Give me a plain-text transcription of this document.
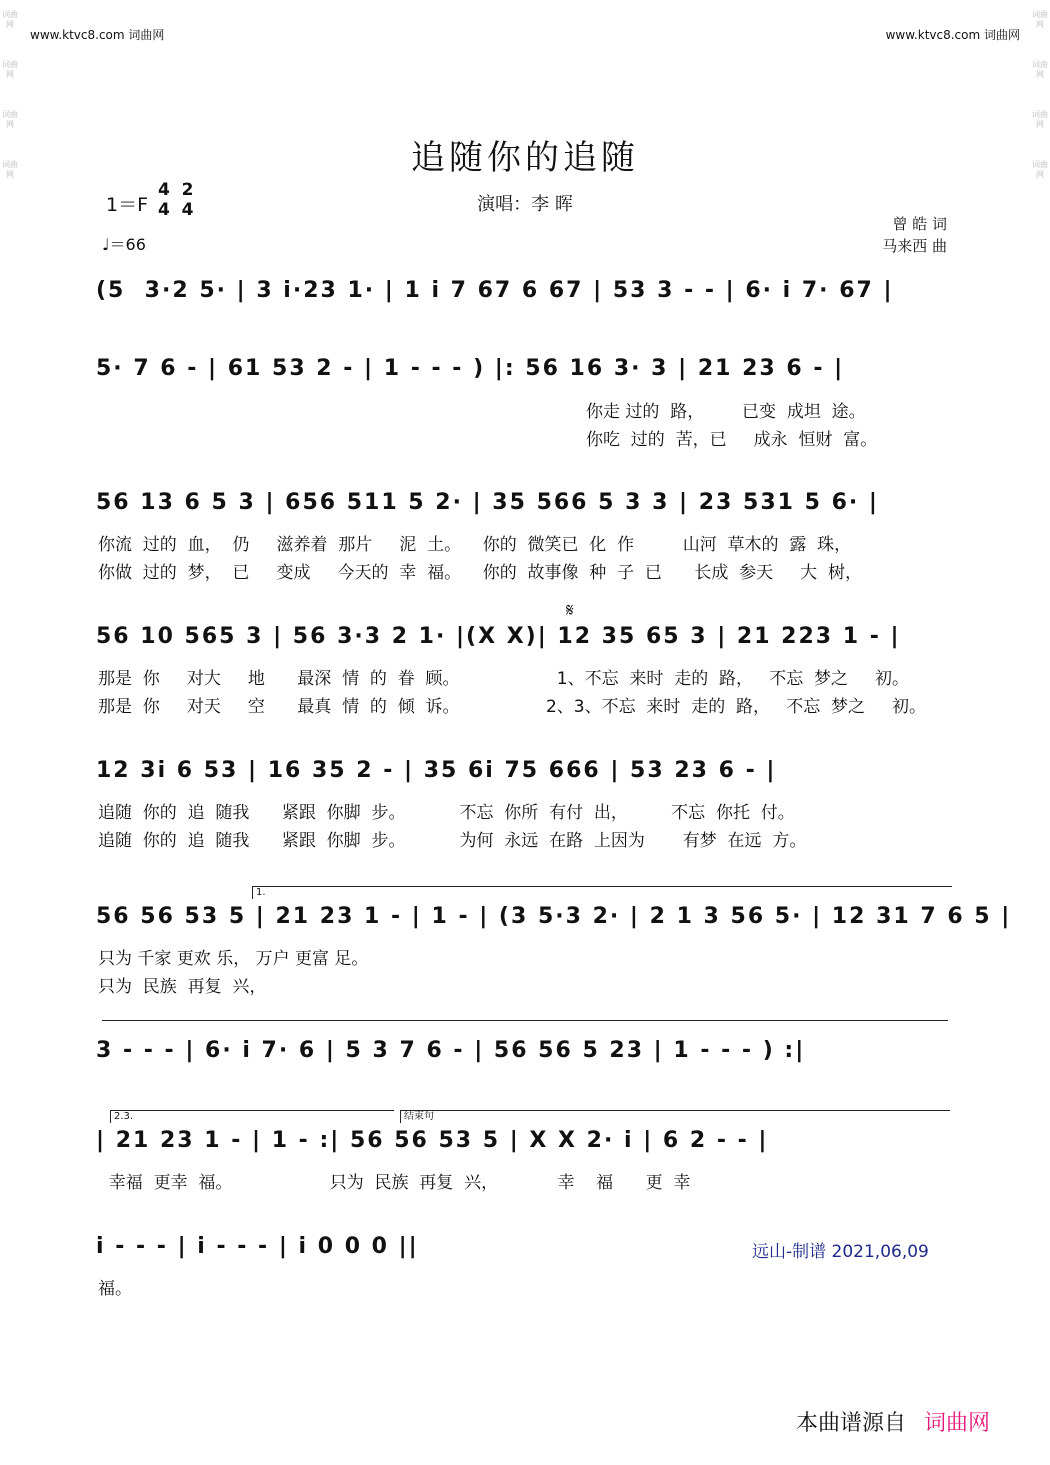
www.ktvc8.com 词曲网	www.ktvc8.com 词曲网
词曲网
词曲网
词曲网
词曲网
词曲网
词曲网
词曲网
词曲网
追随你的追随
演唱：李 晖
1＝F
4  2
4  4
♩＝66
曾 皓 词
马来西 曲
(5  3·2 5· | 3 i·23 1· | 1 i 7 67 6 67 | 53 3 - - | 6· i 7· 67 |
5· 7 6 - | 61 53 2 - | 1 - - - ) |: 56 16 3· 3 | 21 23 6 - |
你走 过的  路，       已变  成坦  途。
你吃  过的  苦，已     成永  恒财  富。
56 13 6 5 3 | 656 511 5 2· | 35 566 5 3 3 | 23 531 5 6· |
你流  过的  血，  仍     滋养着  那片     泥  土。    你的  微笑已  化  作         山河  草木的  露  珠，
你做  过的  梦，  已     变成     今天的  幸  福。    你的  故事像  种  子  已      长成  参天     大  树，
𝄋
56 10 565 3 | 56 3·3 2 1· |(X X)| 12 35 65 3 | 21 223 1 - |
那是  你     对大     地      最深  情  的  眷  顾。                  1、不忘  来时  走的  路，   不忘  梦之     初。
那是  你     对天     空      最真  情  的  倾  诉。                2、3、不忘  来时  走的  路，   不忘  梦之     初。
12 3i 6 53 | 16 35 2 - | 35 6i 75 666 | 53 23 6 - |
追随  你的  追  随我      紧跟  你脚  步。          不忘  你所  有付  出，        不忘  你托  付。
追随  你的  追  随我      紧跟  你脚  步。          为何  永远  在路  上因为       有梦  在远  方。
1.
56 56 53 5 | 21 23 1 - | 1 - | (3 5·3 2· | 2 1 3 56 5· | 12 31 7 6 5 |
只为 千家 更欢 乐， 万户 更富 足。
只为  民族  再复  兴，
3 - - - | 6· i 7· 6 | 5 3 7 6 - | 56 56 5 23 | 1 - - - ) :|
2.3.	结束句
| 21 23 1 - | 1 - :| 56 56 53 5 | X X 2· i | 6 2 - - |
幸福  更幸  福。                  只为  民族  再复  兴，           幸    福      更  幸
i - - - | i - - - | i 0 0 0 ||
福。
远山-制谱 2021,06,09
本曲谱源自 词曲网
